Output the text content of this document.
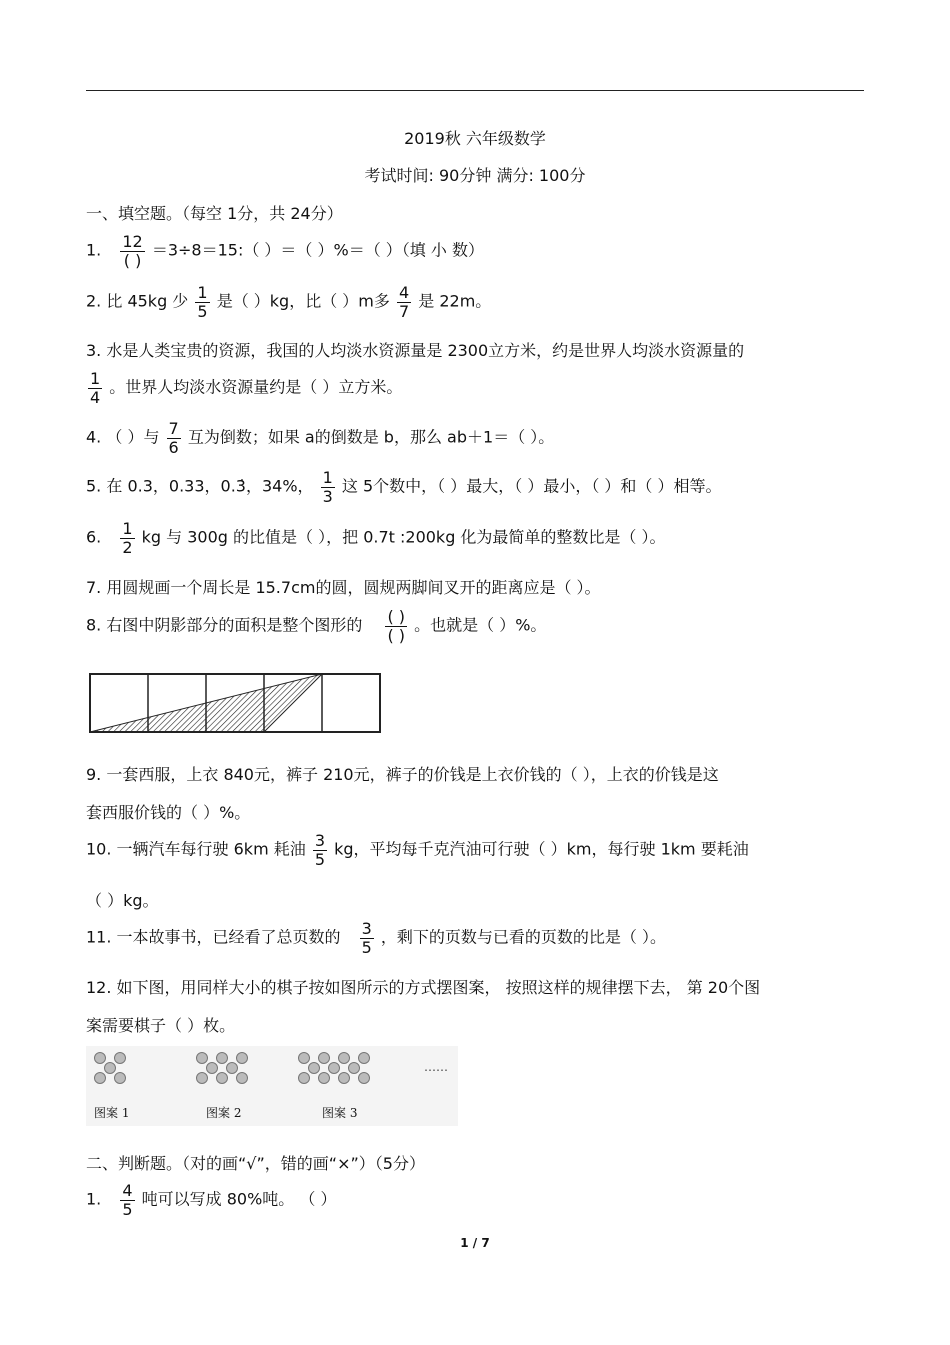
2019秋 六年级数学
考试时间: 90分钟 满分: 100分
一、填空题。（每空 1分，共 24分）
1. $\frac{12}{( )}$ ＝3÷8＝15:（ ）＝（ ）%＝（ ）（填 小 数）
2. 比 45kg 少 $\frac{1}{5}$ 是（ ）kg，比（ ）m多 $\frac{4}{7}$ 是 22m。
3. 水是人类宝贵的资源，我国的人均淡水资源量是 2300立方米，约是世界人均淡水资源量的
$\frac{1}{4}$ 。世界人均淡水资源量约是（ ）立方米。
4. （ ）与 $\frac{7}{6}$ 互为倒数；如果 a的倒数是 b，那么 ab＋1＝（ ）。
5. 在 0.3，0.33，0.3̇，34%， $\frac{1}{3}$ 这 5个数中，（ ）最大，（ ）最小，（ ）和（ ）相等。
6. $\frac{1}{2}$ kg 与 300g 的比值是（ ），把 0.7t :200kg 化为最简单的整数比是（ ）。
7. 用圆规画一个周长是 15.7cm的圆，圆规两脚间叉开的距离应是（ ）。
8. 右图中阴影部分的面积是整个图形的 $\frac{( )}{( )}$ 。也就是（ ）%。
9. 一套西服，上衣 840元，裤子 210元，裤子的价钱是上衣价钱的（ ），上衣的价钱是这
套西服价钱的（ ）%。
10. 一辆汽车每行驶 6km 耗油 $\frac{3}{5}$ kg，平均每千克汽油可行驶（ ）km，每行驶 1km 要耗油
（ ）kg。
11. 一本故事书，已经看了总页数的 $\frac{3}{5}$ ，剩下的页数与已看的页数的比是（ ）。
12. 如下图，用同样大小的棋子按如图所示的方式摆图案， 按照这样的规律摆下去， 第 20个图
案需要棋子（ ）枚。
图案 1	图案 2	图案 3
……
二、判断题。（对的画“√”，错的画“×”）（5分）
1. $\frac{4}{5}$ 吨可以写成 80%吨。 （ ）
1 / 7
